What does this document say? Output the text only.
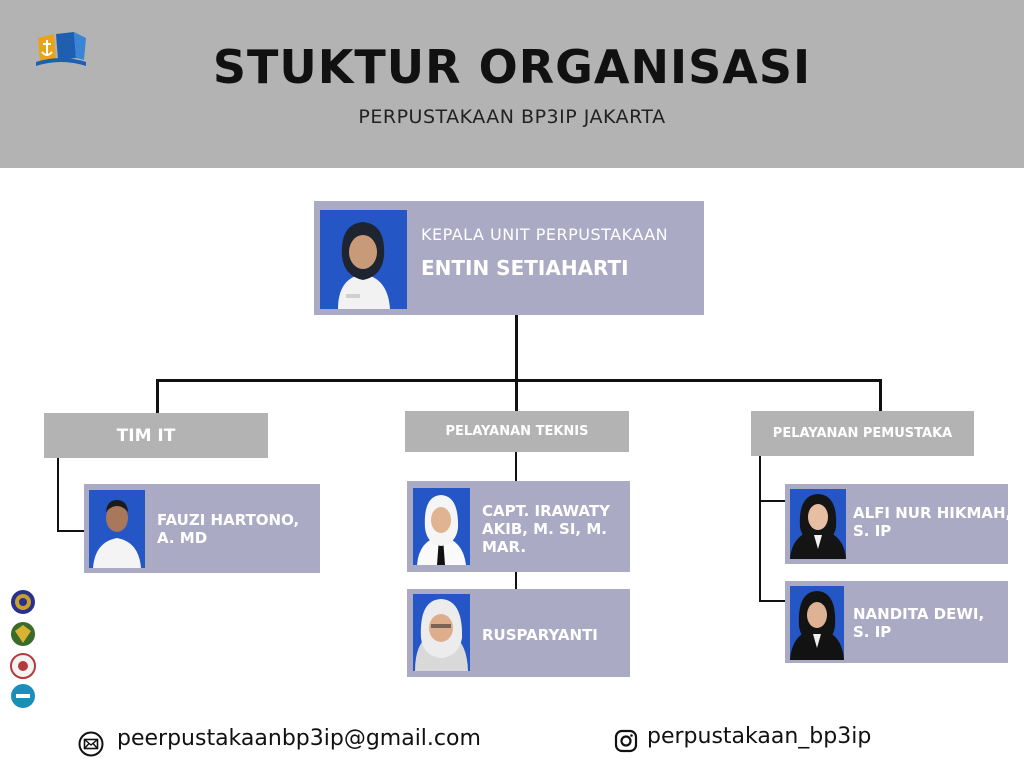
STUKTUR ORGANISASI
PERPUSTAKAAN BP3IP JAKARTA
KEPALA UNIT PERPUSTAKAAN
ENTIN SETIAHARTI
TIM IT	PELAYANAN TEKNIS	PELAYANAN PEMUSTAKA
FAUZI HARTONO, A. MD
CAPT. IRAWATY AKIB, M. SI, M. MAR.
RUSPARYANTI
ALFI NUR HIKMAH, S. IP
NANDITA DEWI, S. IP
peerpustakaanbp3ip@gmail.com	perpustakaan_bp3ip
